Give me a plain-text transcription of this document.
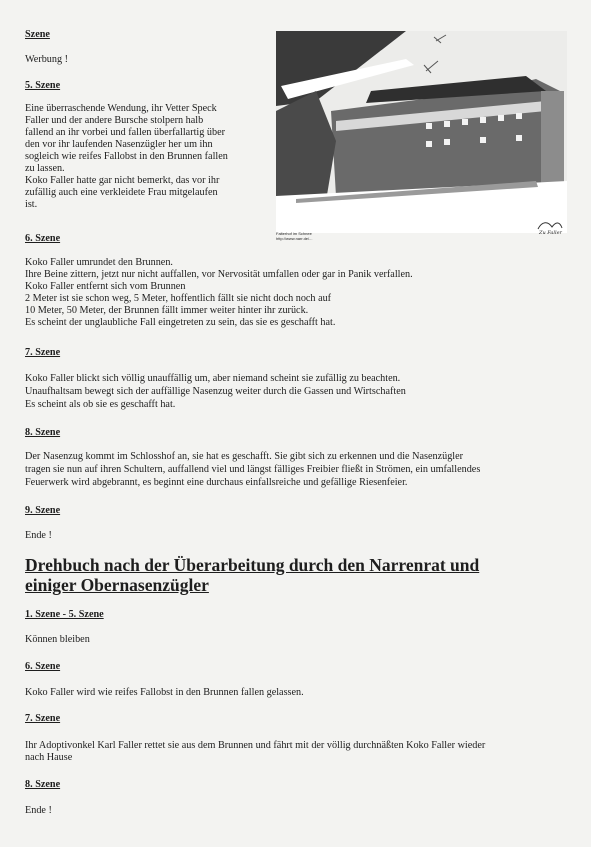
Szene
Werbung !
5. Szene
Eine überraschende Wendung, ihr Vetter Speck
Faller und der andere Bursche stolpern halb
fallend an ihr vorbei und fallen überfallartig über
den vor ihr laufenden Nasenzügler her um ihn
sogleich wie reifes Fallobst in den Brunnen fallen
zu lassen.
Koko Faller hatte gar nicht bemerkt, das vor ihr
zufällig auch eine verkleidete Frau mitgelaufen
ist.
Falterhof im Schnee
http://www.narr.de/...
Zu Faller
6. Szene
Koko Faller umrundet den Brunnen.
Ihre Beine zittern, jetzt nur nicht auffallen, vor Nervosität umfallen oder gar in Panik verfallen.
Koko Faller entfernt sich vom Brunnen
2 Meter ist sie schon weg, 5 Meter, hoffentlich fällt sie nicht doch noch auf
10 Meter, 50 Meter, der Brunnen fällt immer weiter hinter ihr zurück.
Es scheint der unglaubliche Fall eingetreten zu sein, das sie es geschafft hat.
7. Szene
Koko Faller blickt sich völlig unauffällig um, aber niemand scheint sie zufällig zu beachten.
Unaufhaltsam bewegt sich der auffällige Nasenzug weiter durch die Gassen und Wirtschaften
Es scheint als ob sie es geschafft hat.
8. Szene
Der Nasenzug kommt im Schlosshof an, sie hat es geschafft. Sie gibt sich zu erkennen und die Nasenzügler
tragen sie nun auf ihren Schultern, auffallend viel und längst fälliges Freibier fließt in Strömen, ein umfallendes
Feuerwerk wird abgebrannt, es beginnt eine durchaus einfallsreiche und gefällige Riesenfeier.
9. Szene
Ende !
Drehbuch nach der Überarbeitung durch den Narrenrat und
einiger Obernasenzügler
1. Szene - 5. Szene
Können bleiben
6. Szene
Koko Faller wird wie reifes Fallobst in den Brunnen fallen gelassen.
7. Szene
Ihr Adoptivonkel Karl Faller rettet sie aus dem Brunnen und fährt mit der völlig durchnäßten Koko Faller wieder
nach Hause
8. Szene
Ende !
